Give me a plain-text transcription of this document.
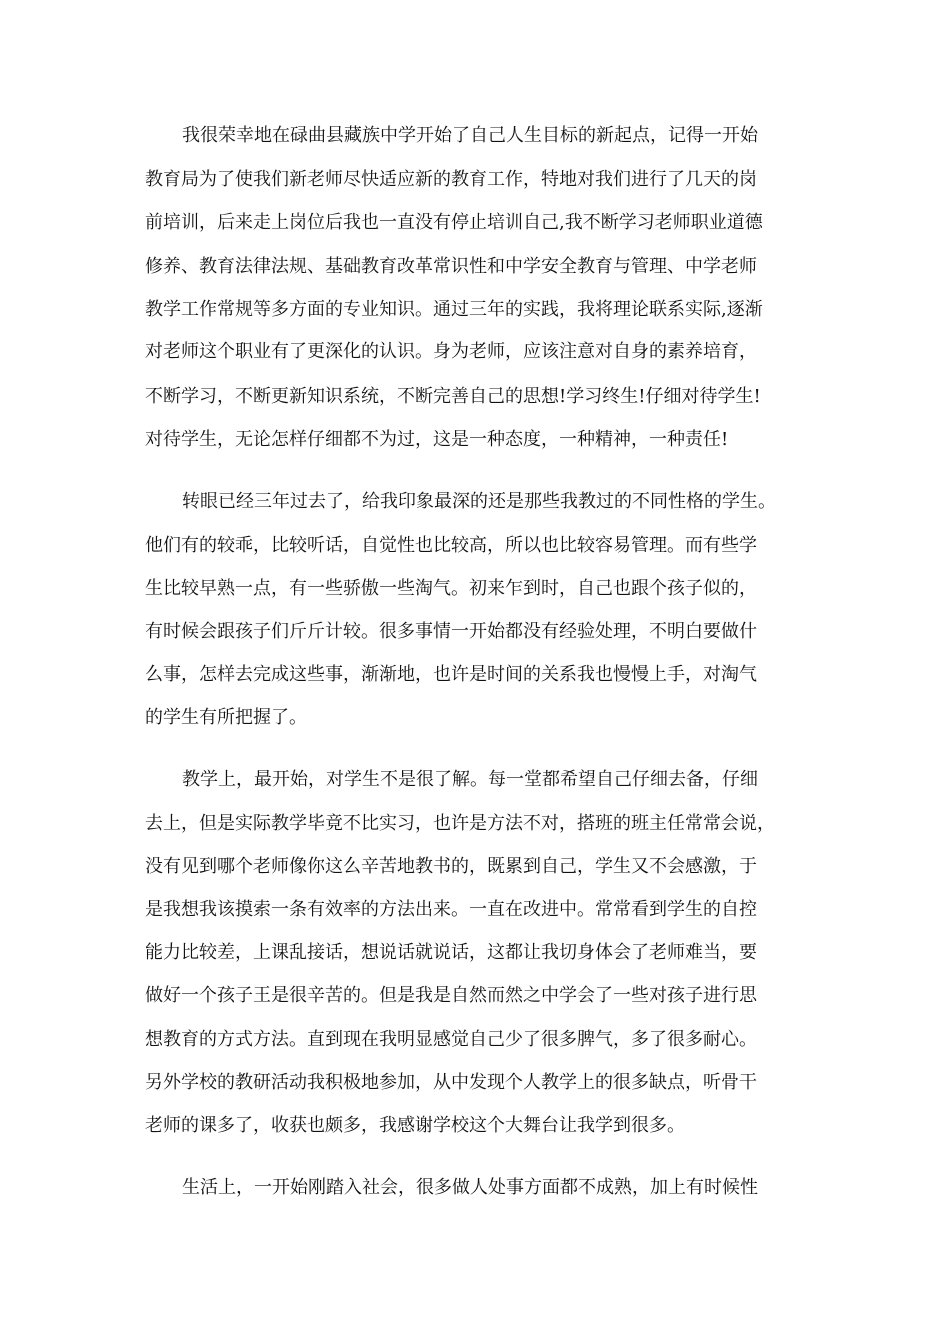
我很荣幸地在碌曲县藏族中学开始了自己人生目标的新起点，记得一开始

教育局为了使我们新老师尽快适应新的教育工作，特地对我们进行了几天的岗

前培训，后来走上岗位后我也一直没有停止培训自己,我不断学习老师职业道德

修养、教育法律法规、基础教育改革常识性和中学安全教育与管理、中学老师

教学工作常规等多方面的专业知识。通过三年的实践，我将理论联系实际,逐渐

对老师这个职业有了更深化的认识。身为老师，应该注意对自身的素养培育，

不断学习，不断更新知识系统，不断完善自己的思想!学习终生!仔细对待学生!

对待学生，无论怎样仔细都不为过，这是一种态度，一种精神，一种责任!

转眼已经三年过去了，给我印象最深的还是那些我教过的不同性格的学生。

他们有的较乖，比较听话，自觉性也比较高，所以也比较容易管理。而有些学

生比较早熟一点，有一些骄傲一些淘气。初来乍到时，自己也跟个孩子似的，

有时候会跟孩子们斤斤计较。很多事情一开始都没有经验处理，不明白要做什

么事，怎样去完成这些事，渐渐地，也许是时间的关系我也慢慢上手，对淘气

的学生有所把握了。

教学上，最开始，对学生不是很了解。每一堂都希望自己仔细去备，仔细

去上，但是实际教学毕竟不比实习，也许是方法不对，搭班的班主任常常会说，

没有见到哪个老师像你这么辛苦地教书的，既累到自己，学生又不会感激，于

是我想我该摸索一条有效率的方法出来。一直在改进中。常常看到学生的自控

能力比较差，上课乱接话，想说话就说话，这都让我切身体会了老师难当，要

做好一个孩子王是很辛苦的。但是我是自然而然之中学会了一些对孩子进行思

想教育的方式方法。直到现在我明显感觉自己少了很多脾气，多了很多耐心。

另外学校的教研活动我积极地参加，从中发现个人教学上的很多缺点，听骨干

老师的课多了，收获也颇多，我感谢学校这个大舞台让我学到很多。

生活上，一开始刚踏入社会，很多做人处事方面都不成熟，加上有时候性
